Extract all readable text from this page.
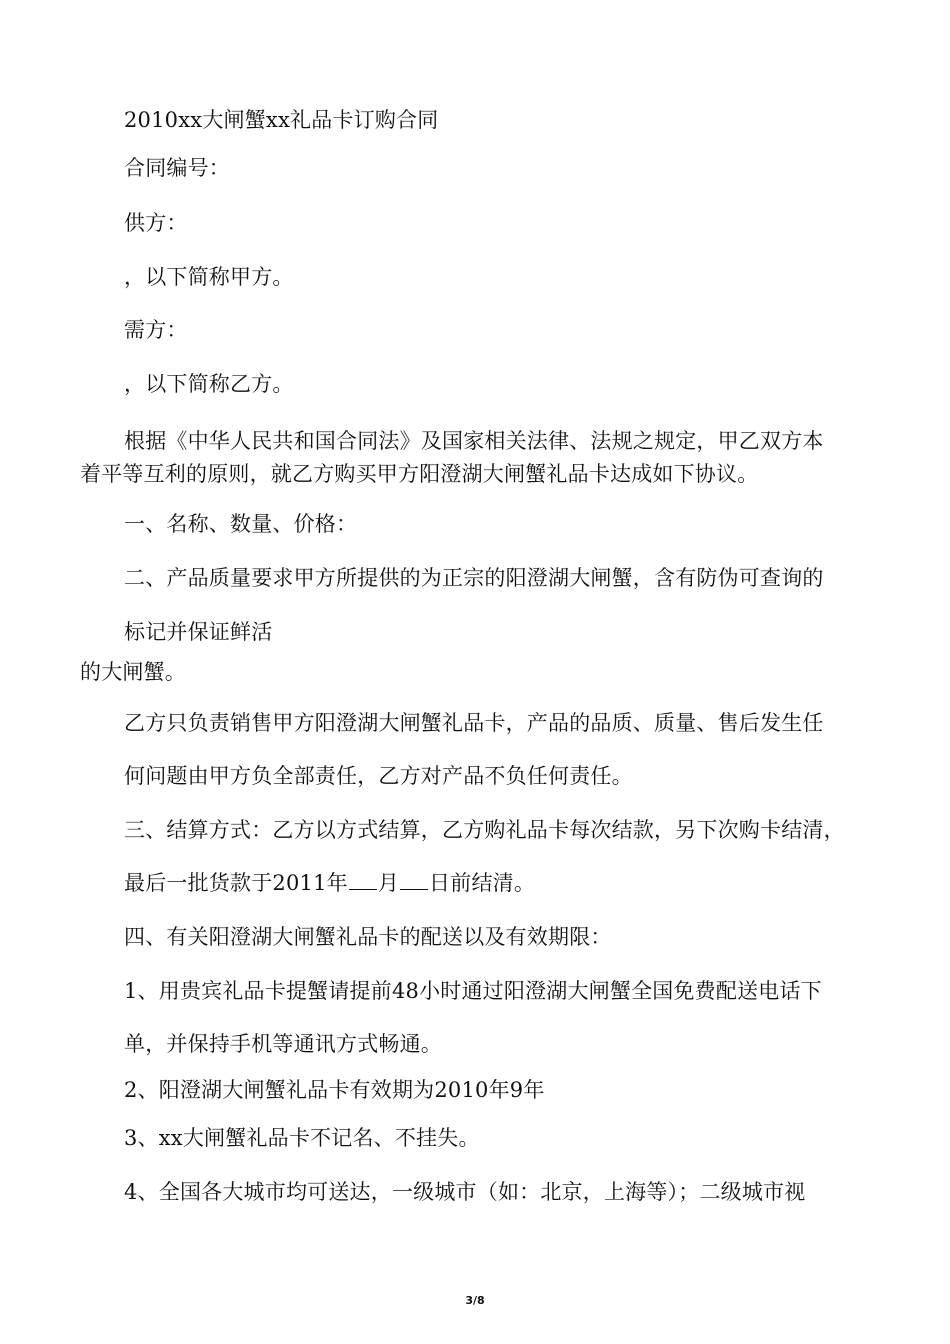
2010xx大闸蟹xx礼品卡订购合同
合同编号：
供方：
，以下简称甲方。
需方：
，以下简称乙方。
根据《中华人民共和国合同法》及国家相关法律、法规之规定，甲乙双方本
着平等互利的原则，就乙方购买甲方阳澄湖大闸蟹礼品卡达成如下协议。
一、名称、数量、价格：
二、产品质量要求甲方所提供的为正宗的阳澄湖大闸蟹，含有防伪可查询的
标记并保证鲜活
的大闸蟹。
乙方只负责销售甲方阳澄湖大闸蟹礼品卡，产品的品质、质量、售后发生任
何问题由甲方负全部责任，乙方对产品不负任何责任。
三、结算方式：乙方以方式结算，乙方购礼品卡每次结款，另下次购卡结清，
最后一批货款于2011年 月 日前结清。
四、有关阳澄湖大闸蟹礼品卡的配送以及有效期限：
1、用贵宾礼品卡提蟹请提前48小时通过阳澄湖大闸蟹全国免费配送电话下
单，并保持手机等通讯方式畅通。
2、阳澄湖大闸蟹礼品卡有效期为2010年9年
3、xx大闸蟹礼品卡不记名、不挂失。
4、全国各大城市均可送达，一级城市（如：北京，上海等）；二级城市视
3/8
